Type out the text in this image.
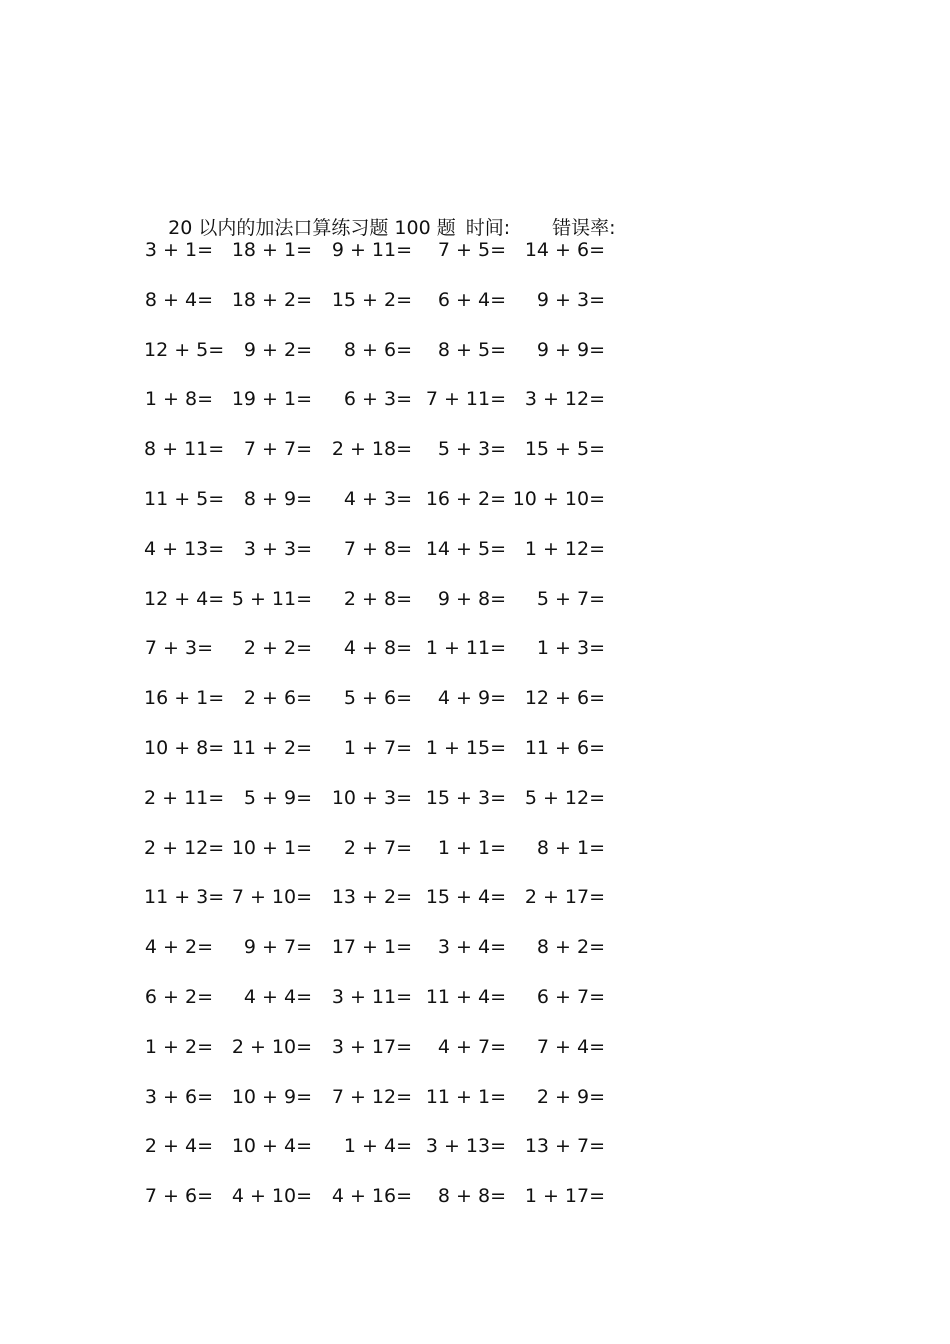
20 以内的加法口算练习题 100 题 时间: 错误率:

3 + 1= 18 + 1= 9 + 11= 7 + 5= 14 + 6=
8 + 4= 18 + 2= 15 + 2= 6 + 4= 9 + 3=
12 + 5= 9 + 2= 8 + 6= 8 + 5= 9 + 9=
1 + 8= 19 + 1= 6 + 3= 7 + 11= 3 + 12=
8 + 11= 7 + 7= 2 + 18= 5 + 3= 15 + 5=
11 + 5= 8 + 9= 4 + 3= 16 + 2= 10 + 10=
4 + 13= 3 + 3= 7 + 8= 14 + 5= 1 + 12=
12 + 4= 5 + 11= 2 + 8= 9 + 8= 5 + 7=
7 + 3= 2 + 2= 4 + 8= 1 + 11= 1 + 3=
16 + 1= 2 + 6= 5 + 6= 4 + 9= 12 + 6=
10 + 8= 11 + 2= 1 + 7= 1 + 15= 11 + 6=
2 + 11= 5 + 9= 10 + 3= 15 + 3= 5 + 12=
2 + 12= 10 + 1= 2 + 7= 1 + 1= 8 + 1=
11 + 3= 7 + 10= 13 + 2= 15 + 4= 2 + 17=
4 + 2= 9 + 7= 17 + 1= 3 + 4= 8 + 2=
6 + 2= 4 + 4= 3 + 11= 11 + 4= 6 + 7=
1 + 2= 2 + 10= 3 + 17= 4 + 7= 7 + 4=
3 + 6= 10 + 9= 7 + 12= 11 + 1= 2 + 9=
2 + 4= 10 + 4= 1 + 4= 3 + 13= 13 + 7=
7 + 6= 4 + 10= 4 + 16= 8 + 8= 1 + 17=
